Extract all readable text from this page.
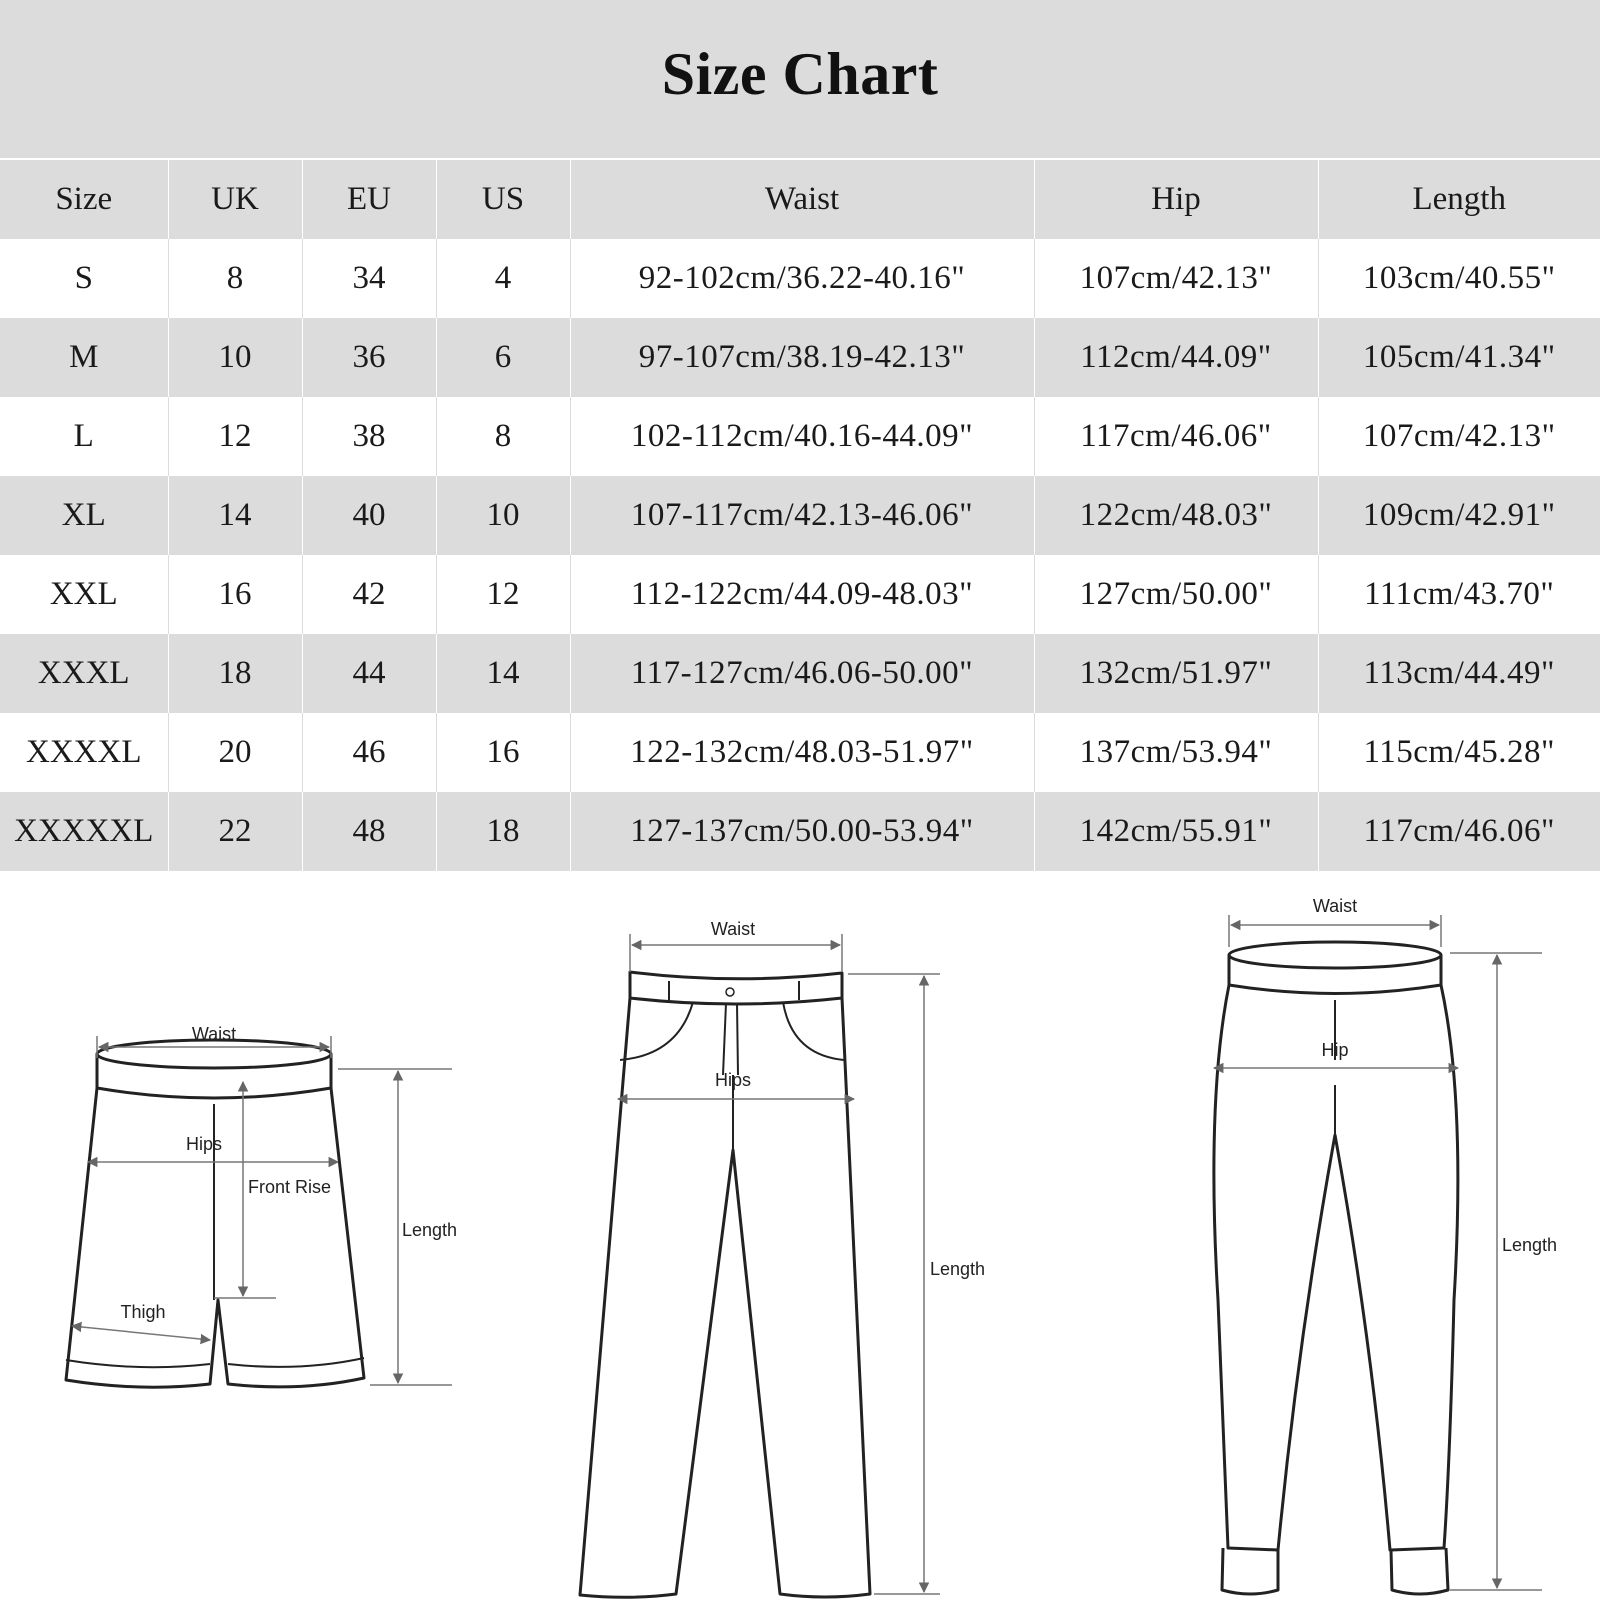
Size Chart
Size	UK	EU	US	Waist	Hip	Length
S	8	34	4	92-102cm/36.22-40.16"	107cm/42.13"	103cm/40.55"
M	10	36	6	97-107cm/38.19-42.13"	112cm/44.09"	105cm/41.34"
L	12	38	8	102-112cm/40.16-44.09"	117cm/46.06"	107cm/42.13"
XL	14	40	10	107-117cm/42.13-46.06"	122cm/48.03"	109cm/42.91"
XXL	16	42	12	112-122cm/44.09-48.03"	127cm/50.00"	111cm/43.70"
XXXL	18	44	14	117-127cm/46.06-50.00"	132cm/51.97"	113cm/44.49"
XXXXL	20	46	16	122-132cm/48.03-51.97"	137cm/53.94"	115cm/45.28"
XXXXXL	22	48	18	127-137cm/50.00-53.94"	142cm/55.91"	117cm/46.06"
Waist
Hips
Front Rise
Thigh
Length
Waist
Hips
Length
Waist
Hip
Length
